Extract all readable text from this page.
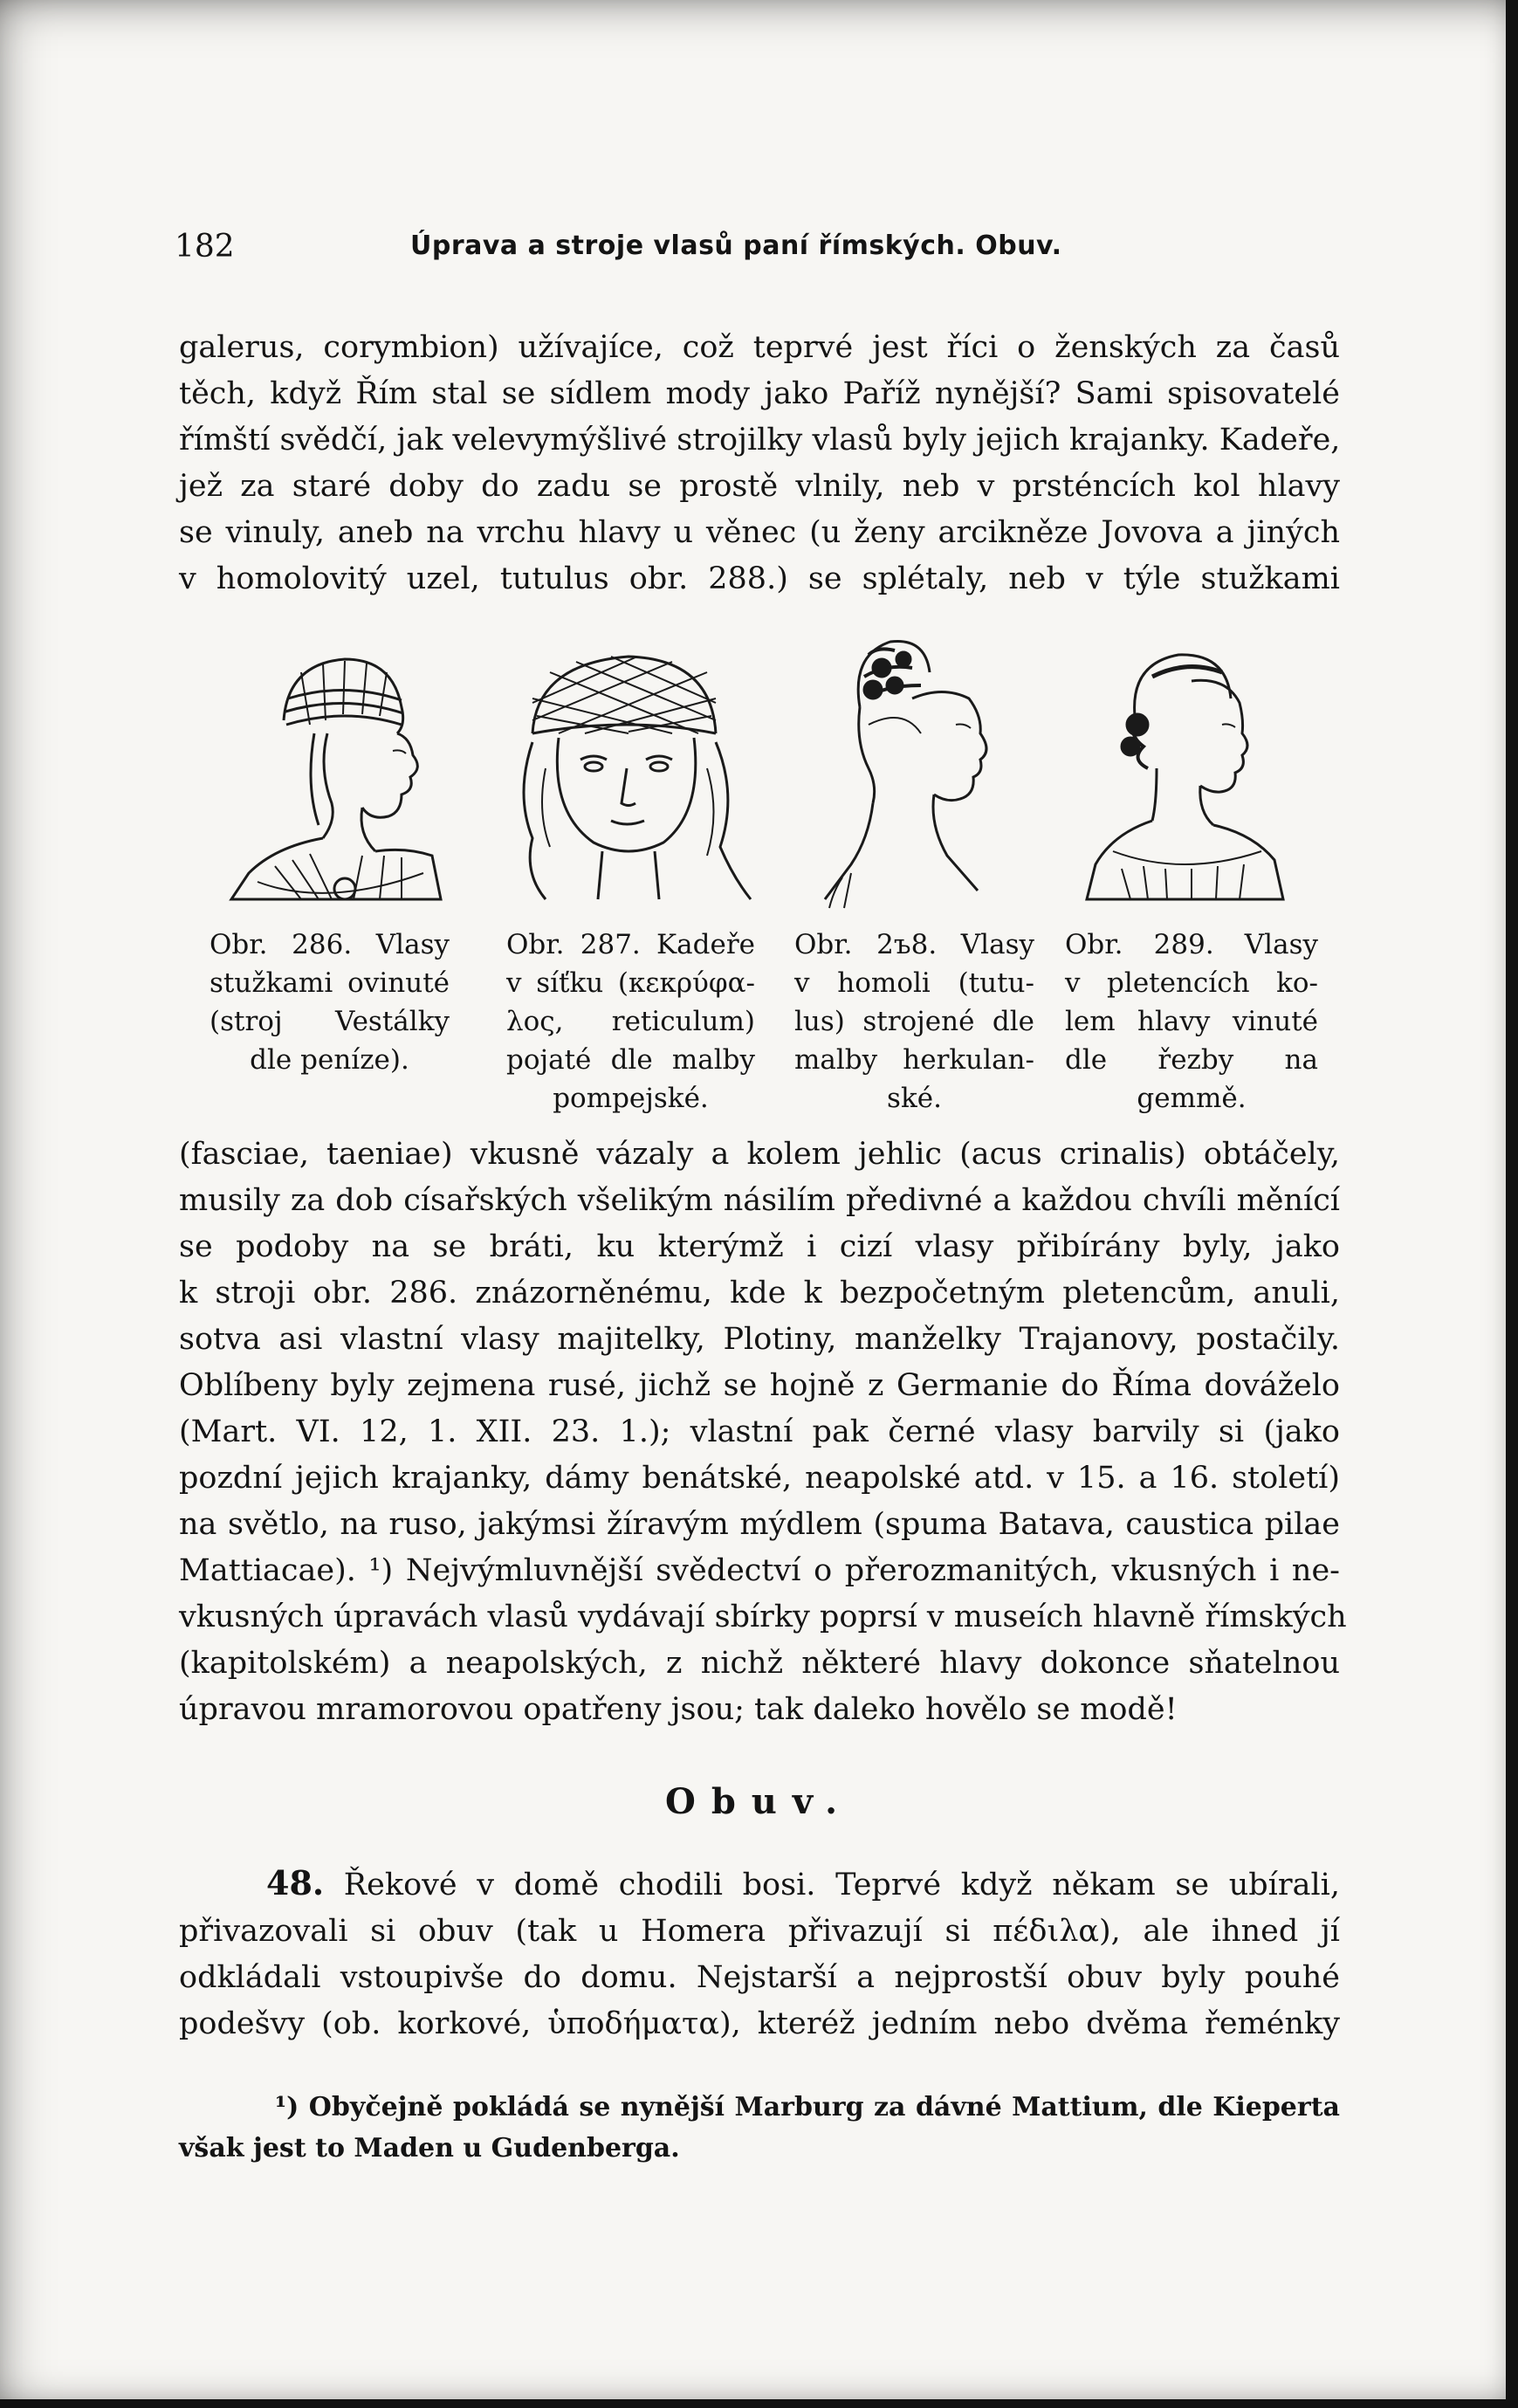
182	Úprava a stroje vlasů paní římských. Obuv.
galerus, corymbion) užívajíce, což teprvé jest říci o ženských za časů
těch, když Řím stal se sídlem mody jako Paříž nynější? Sami spisovatelé
římští svědčí, jak velevymýšlivé strojilky vlasů byly jejich krajanky. Kadeře,
jež za staré doby do zadu se prostě vlnily, neb v prsténcích kol hlavy
se vinuly, aneb na vrchu hlavy u věnec (u ženy arcikněze Jovova a jiných
v homolovitý uzel, tutulus obr. 288.) se splétaly, neb v týle stužkami
Obr. 286. Vlasy
stužkami ovinuté
(stroj Vestálky
dle peníze).
Obr. 287. Kadeře
v síťku (κεκρύφα-
λος, reticulum)
pojaté dle malby
pompejské.
Obr. 2ъ8. Vlasy
v homoli (tutu-
lus) strojené dle
malby herkulan-
ské.
Obr. 289. Vlasy
v pletencích ko-
lem hlavy vinuté
dle řezby na
gemmě.
(fasciae, taeniae) vkusně vázaly a kolem jehlic (acus crinalis) obtáčely,
musily za dob císařských všelikým násilím předivné a každou chvíli měnící
se podoby na se bráti, ku kterýmž i cizí vlasy přibírány byly, jako
k stroji obr. 286. znázorněnému, kde k bezpočetným pletencům, anuli,
sotva asi vlastní vlasy majitelky, Plotiny, manželky Trajanovy, postačily.
Oblíbeny byly zejmena rusé, jichž se hojně z Germanie do Říma dováželo
(Mart. VI. 12, 1. XII. 23. 1.); vlastní pak černé vlasy barvily si (jako
pozdní jejich krajanky, dámy benátské, neapolské atd. v 15. a 16. století)
na světlo, na ruso, jakýmsi žíravým mýdlem (spuma Batava, caustica pilae
Mattiacae). ¹) Nejvýmluvnější svědectví o přerozmanitých, vkusných i ne-
vkusných úpravách vlasů vydávají sbírky poprsí v museích hlavně římských
(kapitolském) a neapolských, z nichž některé hlavy dokonce sňatelnou
úpravou mramorovou opatřeny jsou; tak daleko hovělo se modě!
Obuv.
48. Řekové v domě chodili bosi. Teprvé když někam se ubírali,
přivazovali si obuv (tak u Homera přivazují si πέδιλα), ale ihned jí
odkládali vstoupivše do domu. Nejstarší a nejprostší obuv byly pouhé
podešvy (ob. korkové, ὑποδήματα), kteréž jedním nebo dvěma řeménky
¹) Obyčejně pokládá se nynější Marburg za dávné Mattium, dle Kieperta
však jest to Maden u Gudenberga.
